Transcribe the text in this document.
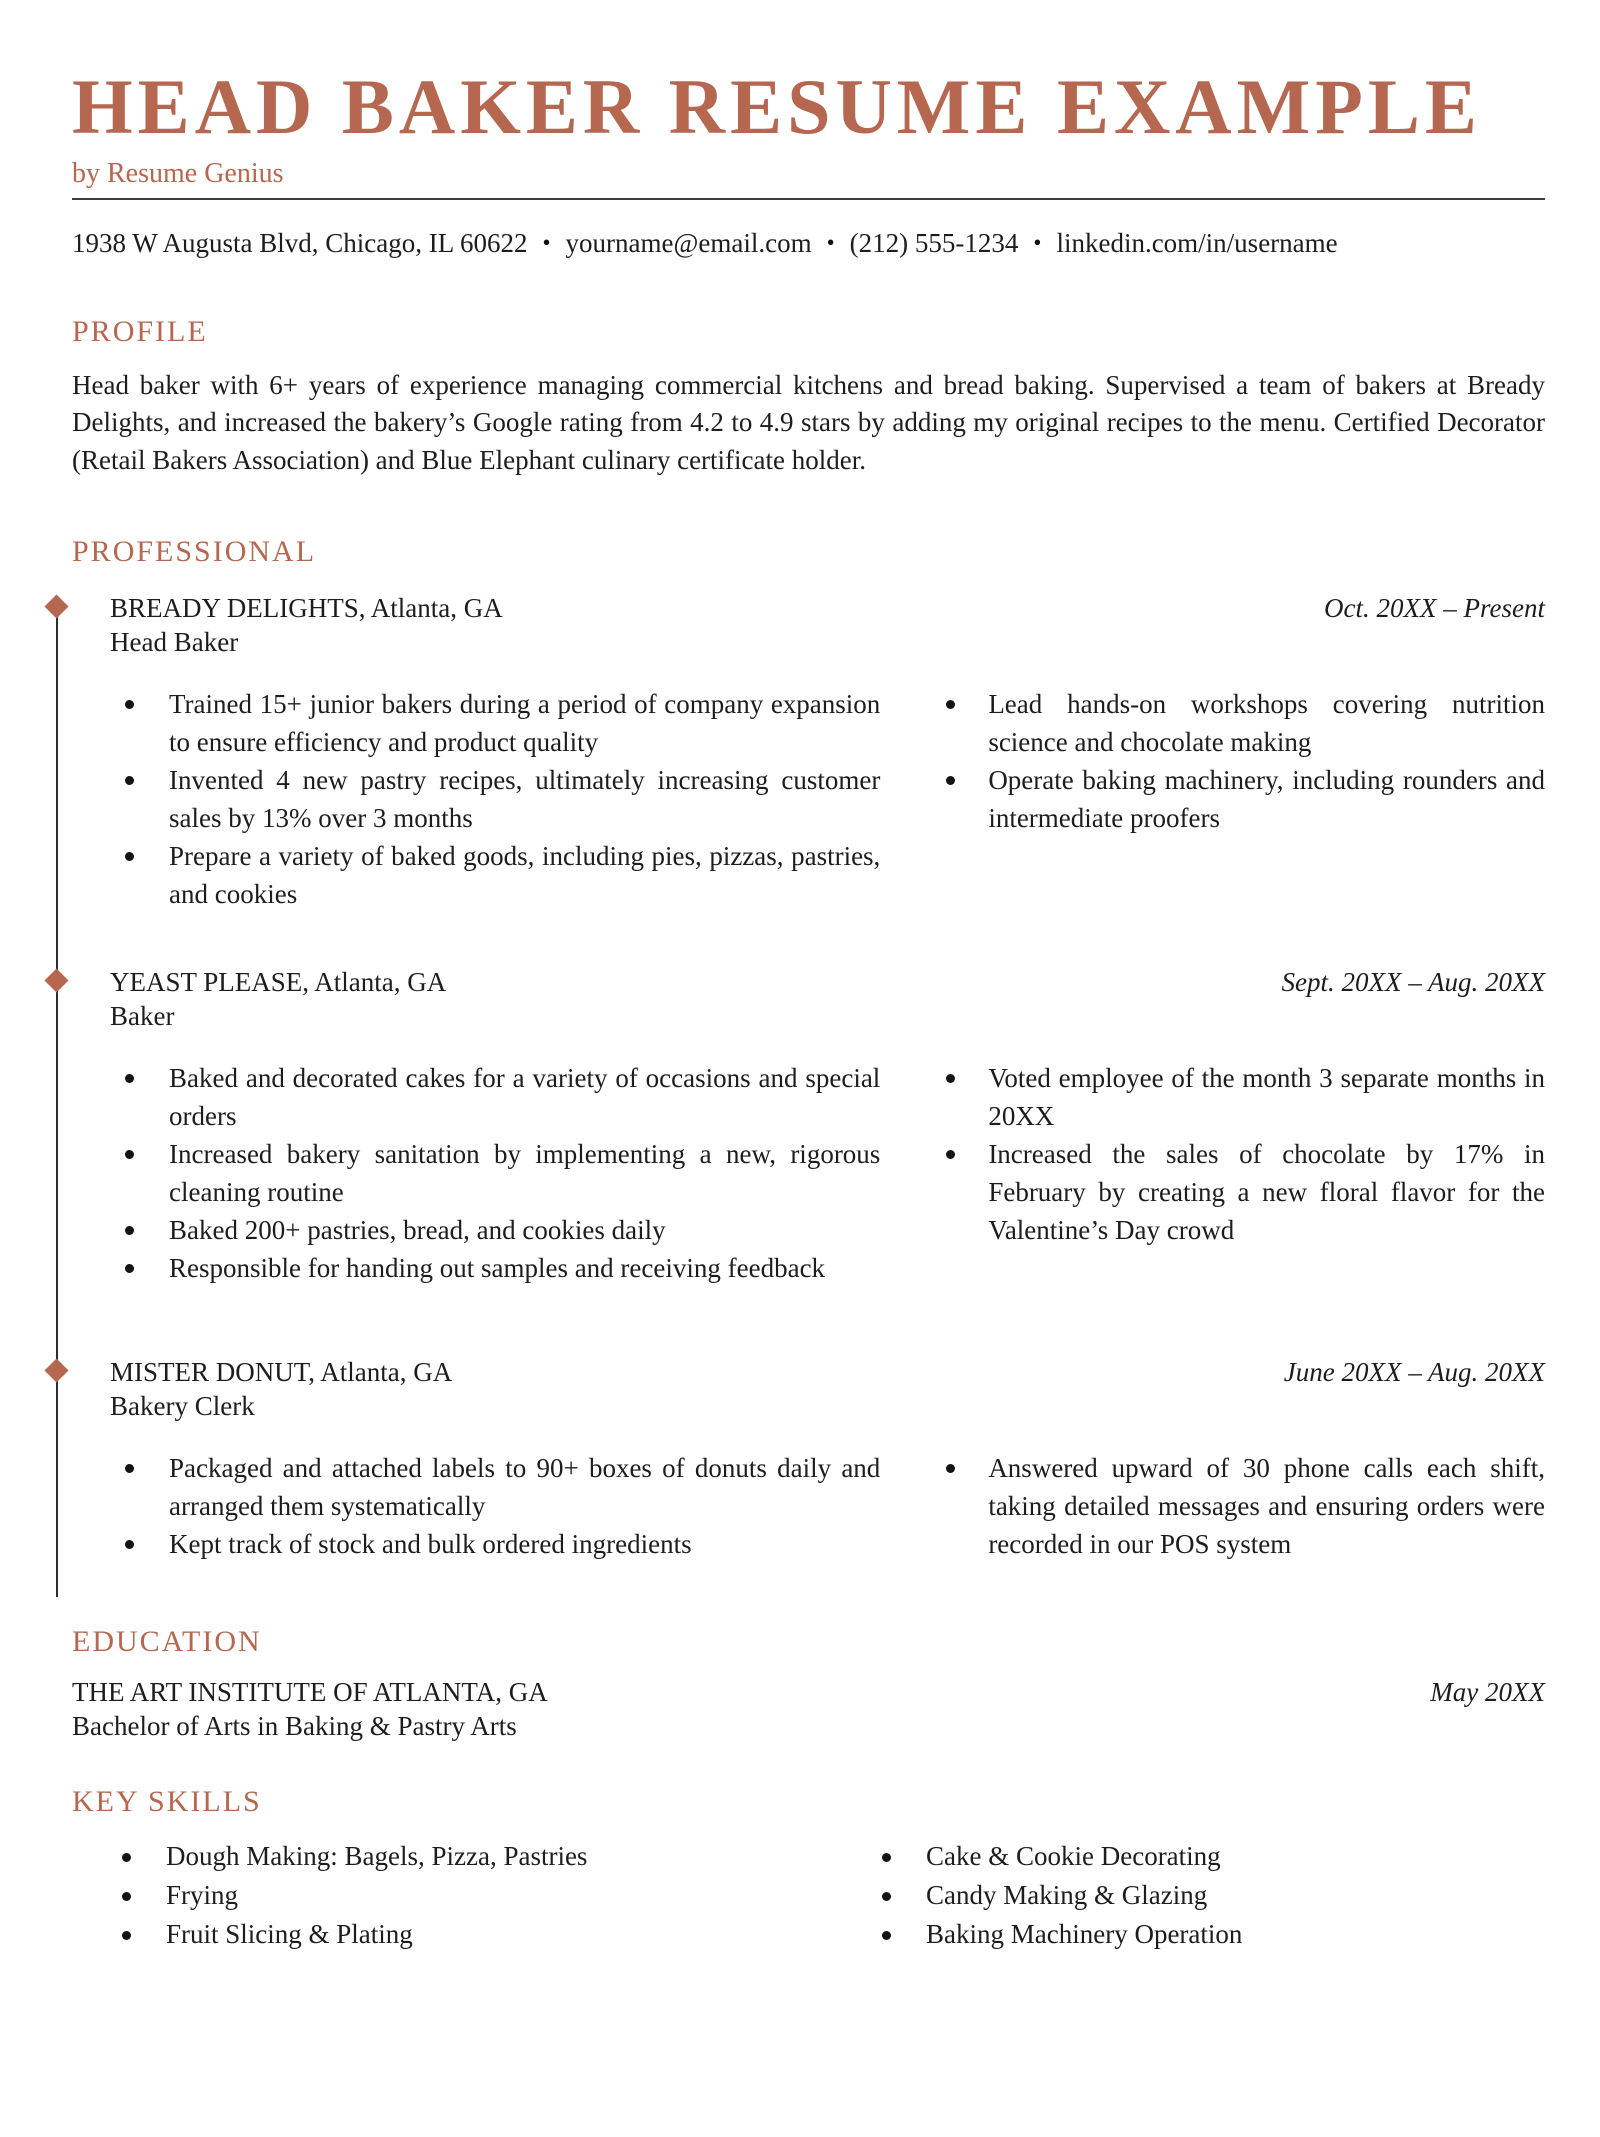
HEAD BAKER RESUME EXAMPLE
by Resume Genius
1938 W Augusta Blvd, Chicago, IL 60622 • yourname@email.com • (212) 555-1234 • linkedin.com/in/username
PROFILE

Head baker with 6+ years of experience managing commercial kitchens and bread baking. Supervised a team of bakers at Bready Delights, and increased the bakery’s Google rating from 4.2 to 4.9 stars by adding my original recipes to the menu. Certified Decorator (Retail Bakers Association) and Blue Elephant culinary certificate holder.

PROFESSIONAL
BREADY DELIGHTS, Atlanta, GA	Oct. 20XX – Present
Head Baker
Trained 15+ junior bakers during a period of company expansion to ensure efficiency and product quality
Invented 4 new pastry recipes, ultimately increasing customer sales by 13% over 3 months
Prepare a variety of baked goods, including pies, pizzas, pastries, and cookies
Lead hands-on workshops covering nutrition science and chocolate making
Operate baking machinery, including rounders and intermediate proofers
YEAST PLEASE, Atlanta, GA	Sept. 20XX – Aug. 20XX
Baker
Baked and decorated cakes for a variety of occasions and special orders
Increased bakery sanitation by implementing a new, rigorous cleaning routine
Baked 200+ pastries, bread, and cookies daily
Responsible for handing out samples and receiving feedback
Voted employee of the month 3 separate months in 20XX
Increased the sales of chocolate by 17% in February by creating a new floral flavor for the Valentine’s Day crowd
MISTER DONUT, Atlanta, GA	June 20XX – Aug. 20XX
Bakery Clerk
Packaged and attached labels to 90+ boxes of donuts daily and arranged them systematically
Kept track of stock and bulk ordered ingredients
Answered upward of 30 phone calls each shift, taking detailed messages and ensuring orders were recorded in our POS system
EDUCATION
THE ART INSTITUTE OF ATLANTA, GA	May 20XX
Bachelor of Arts in Baking & Pastry Arts
KEY SKILLS
Dough Making: Bagels, Pizza, Pastries
Frying
Fruit Slicing & Plating
Cake & Cookie Decorating
Candy Making & Glazing
Baking Machinery Operation
